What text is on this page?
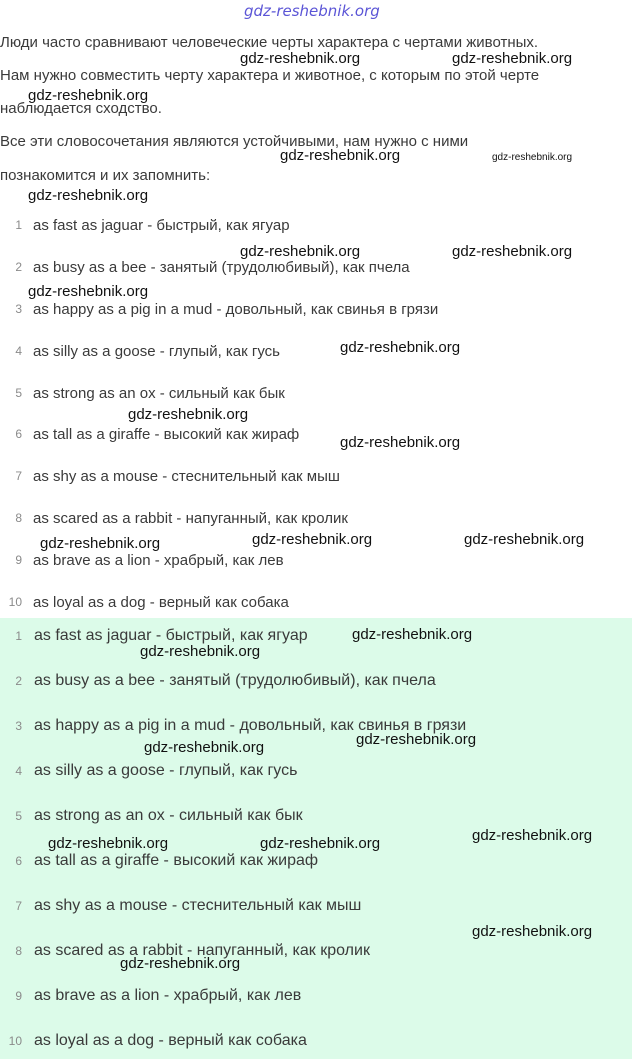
gdz-reshebnik.org
Люди часто сравнивают человеческие черты характера с чертами животных.
Нам нужно совместить черту характера и животное, с которым по этой черте
наблюдается сходство.
Все эти словосочетания являются устойчивыми, нам нужно с ними
познакомится и их запомнить:
1 as fast as jaguar - быстрый, как ягуар
2 as busy as a bee - занятый (трудолюбивый), как пчела
3 as happy as a pig in a mud - довольный, как свинья в грязи
4 as silly as a goose - глупый, как гусь
5 as strong as an ox - сильный как бык
6 as tall as a giraffe - высокий как жираф
7 as shy as a mouse - стеснительный как мыш
8 as scared as a rabbit - напуганный, как кролик
9 as brave as a lion - храбрый, как лев
10 as loyal as a dog - верный как собака
1 as fast as jaguar - быстрый, как ягуар
2 as busy as a bee - занятый (трудолюбивый), как пчела
3 as happy as a pig in a mud - довольный, как свинья в грязи
4 as silly as a goose - глупый, как гусь
5 as strong as an ox - сильный как бык
6 as tall as a giraffe - высокий как жираф
7 as shy as a mouse - стеснительный как мыш
8 as scared as a rabbit - напуганный, как кролик
9 as brave as a lion - храбрый, как лев
10 as loyal as a dog - верный как собака
gdz-reshebnik.org	gdz-reshebnik.org
gdz-reshebnik.org
gdz-reshebnik.org	gdz-reshebnik.org
gdz-reshebnik.org
gdz-reshebnik.org	gdz-reshebnik.org
gdz-reshebnik.org
gdz-reshebnik.org
gdz-reshebnik.org
gdz-reshebnik.org
gdz-reshebnik.org	gdz-reshebnik.org	gdz-reshebnik.org
gdz-reshebnik.org
gdz-reshebnik.org
gdz-reshebnik.org
gdz-reshebnik.org
gdz-reshebnik.org
gdz-reshebnik.org	gdz-reshebnik.org
gdz-reshebnik.org
gdz-reshebnik.org
